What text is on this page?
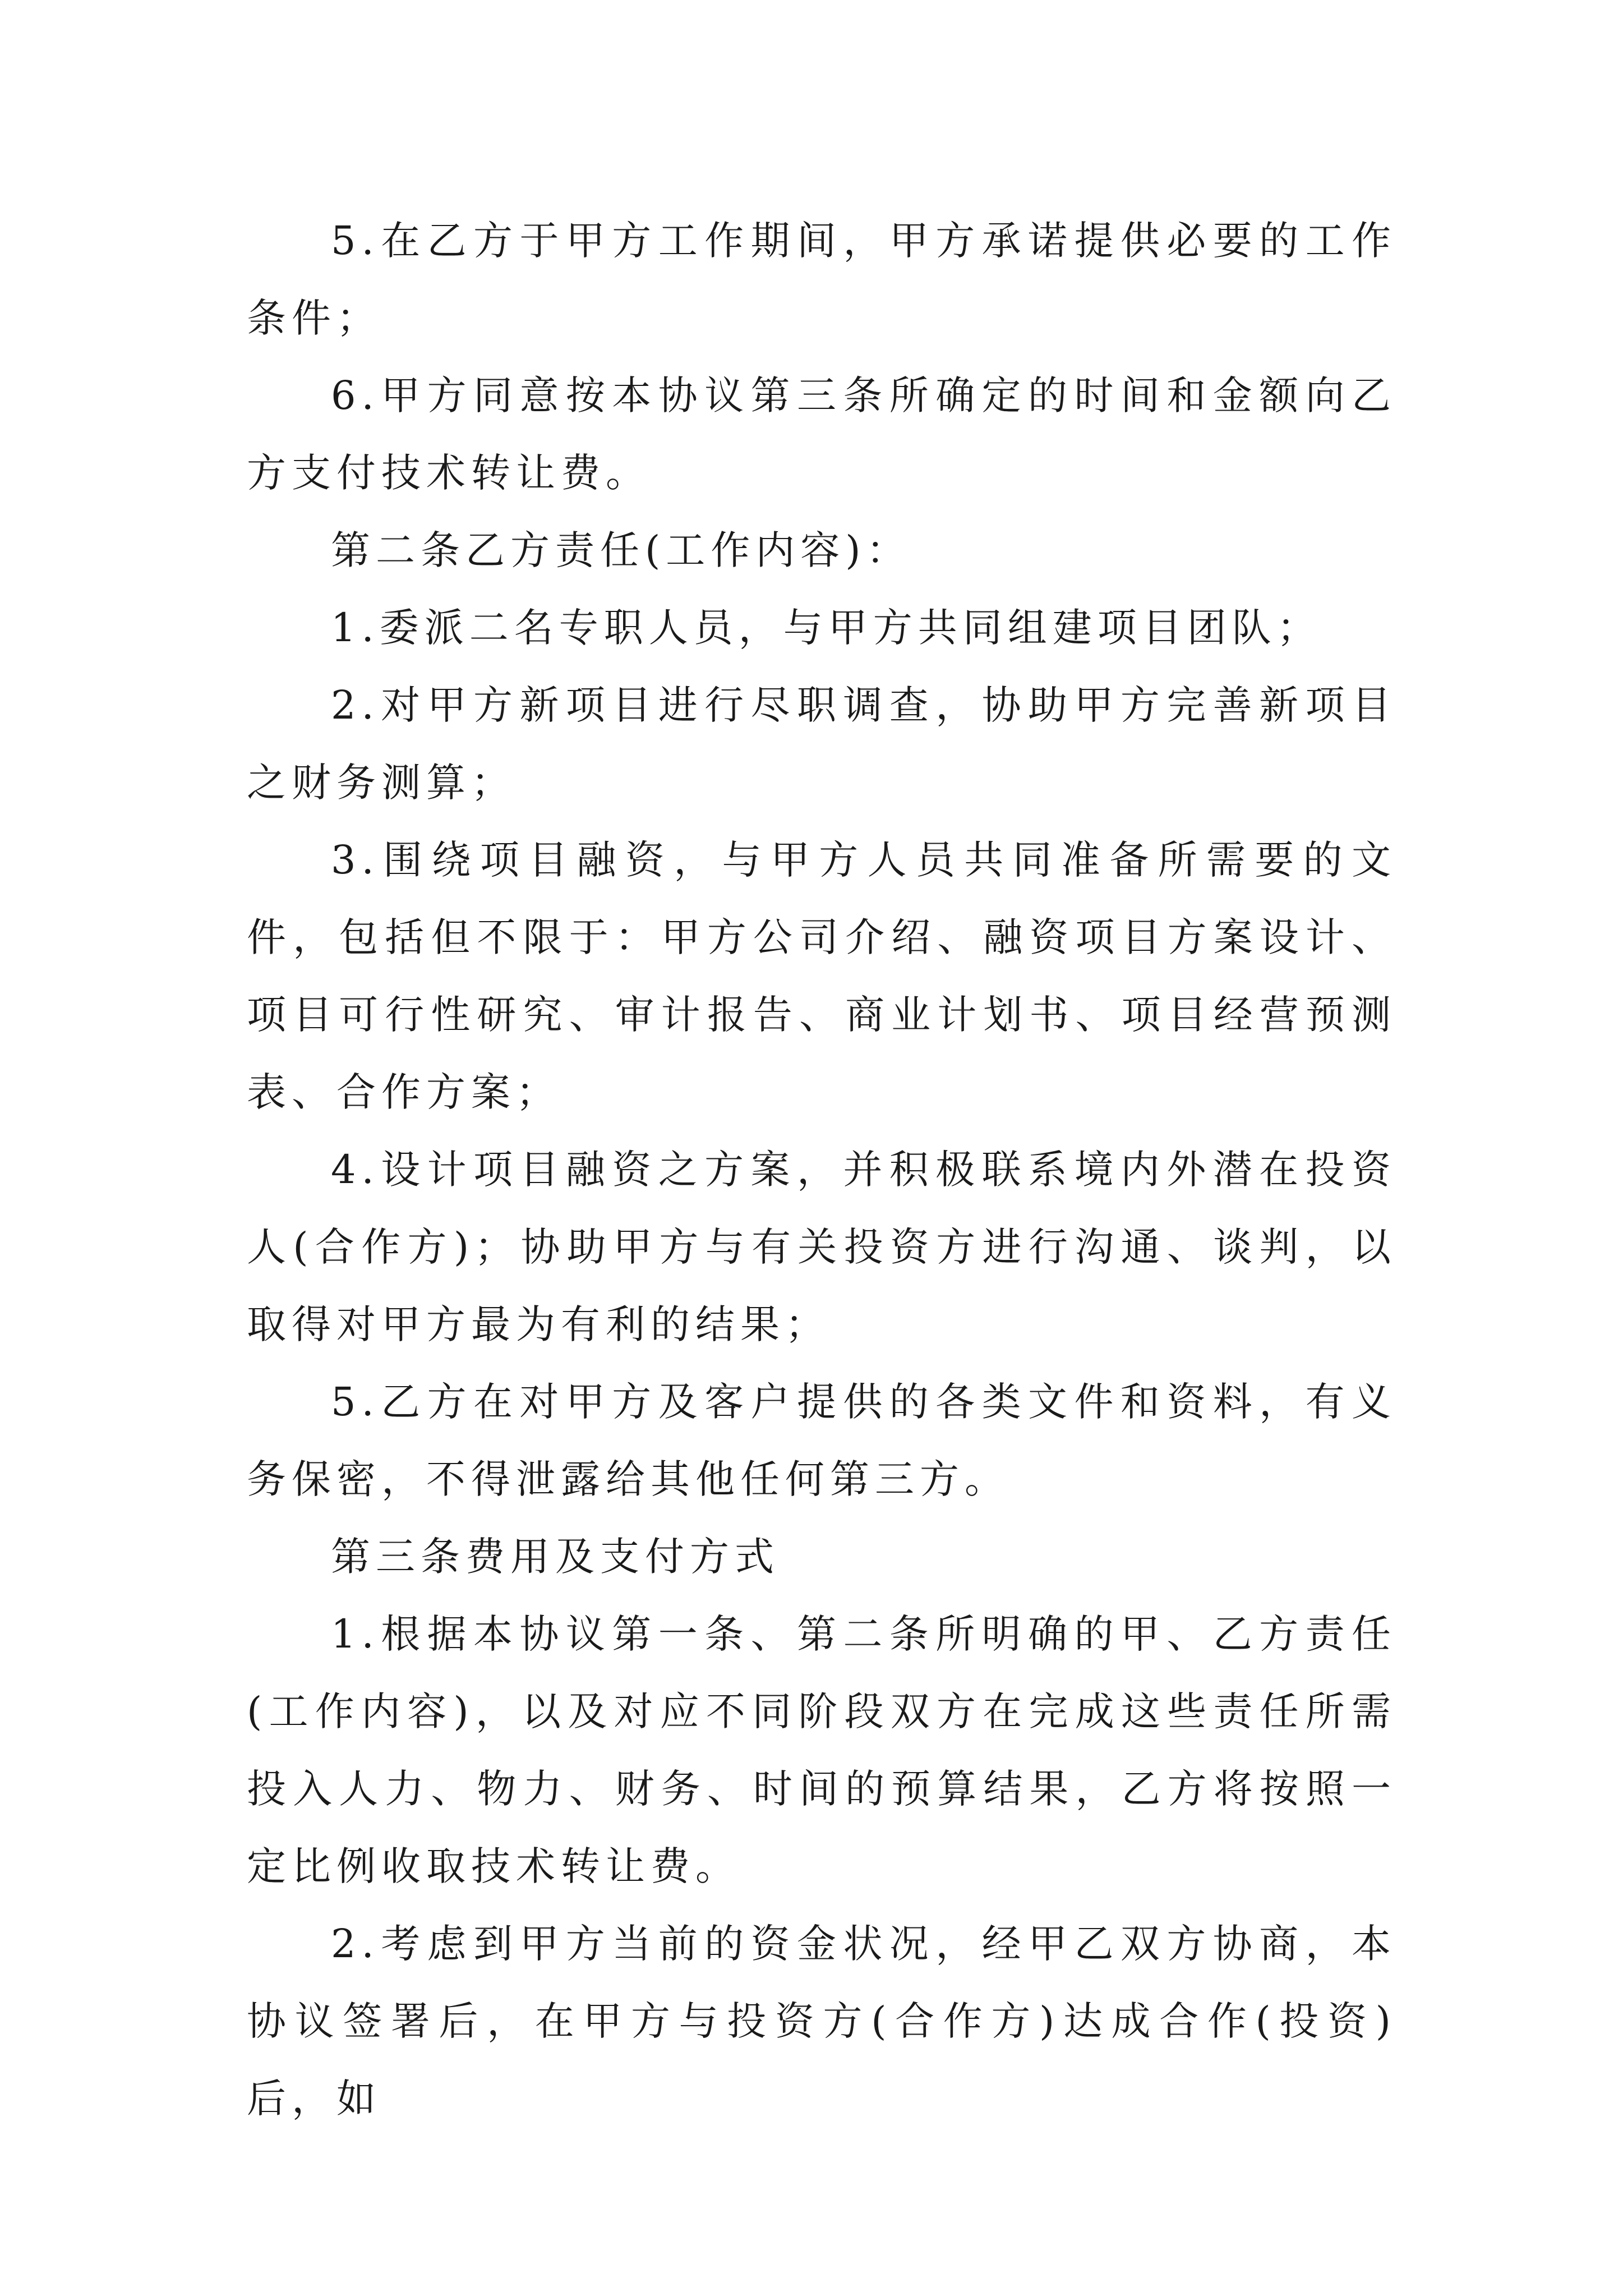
5.在乙方于甲方工作期间，甲方承诺提供必要的工作条件；

6.甲方同意按本协议第三条所确定的时间和金额向乙方支付技术转让费。

第二条乙方责任(工作内容)：

1.委派二名专职人员，与甲方共同组建项目团队；

2.对甲方新项目进行尽职调查，协助甲方完善新项目之财务测算；

3.围绕项目融资，与甲方人员共同准备所需要的文件，包括但不限于：甲方公司介绍、融资项目方案设计、项目可行性研究、审计报告、商业计划书、项目经营预测表、合作方案；

4.设计项目融资之方案，并积极联系境内外潜在投资人(合作方)；协助甲方与有关投资方进行沟通、谈判，以取得对甲方最为有利的结果；

5.乙方在对甲方及客户提供的各类文件和资料，有义务保密，不得泄露给其他任何第三方。

第三条费用及支付方式

1.根据本协议第一条、第二条所明确的甲、乙方责任(工作内容)，以及对应不同阶段双方在完成这些责任所需投入人力、物力、财务、时间的预算结果，乙方将按照一定比例收取技术转让费。

2.考虑到甲方当前的资金状况，经甲乙双方协商，本协议签署后，在甲方与投资方(合作方)达成合作(投资)后，如
